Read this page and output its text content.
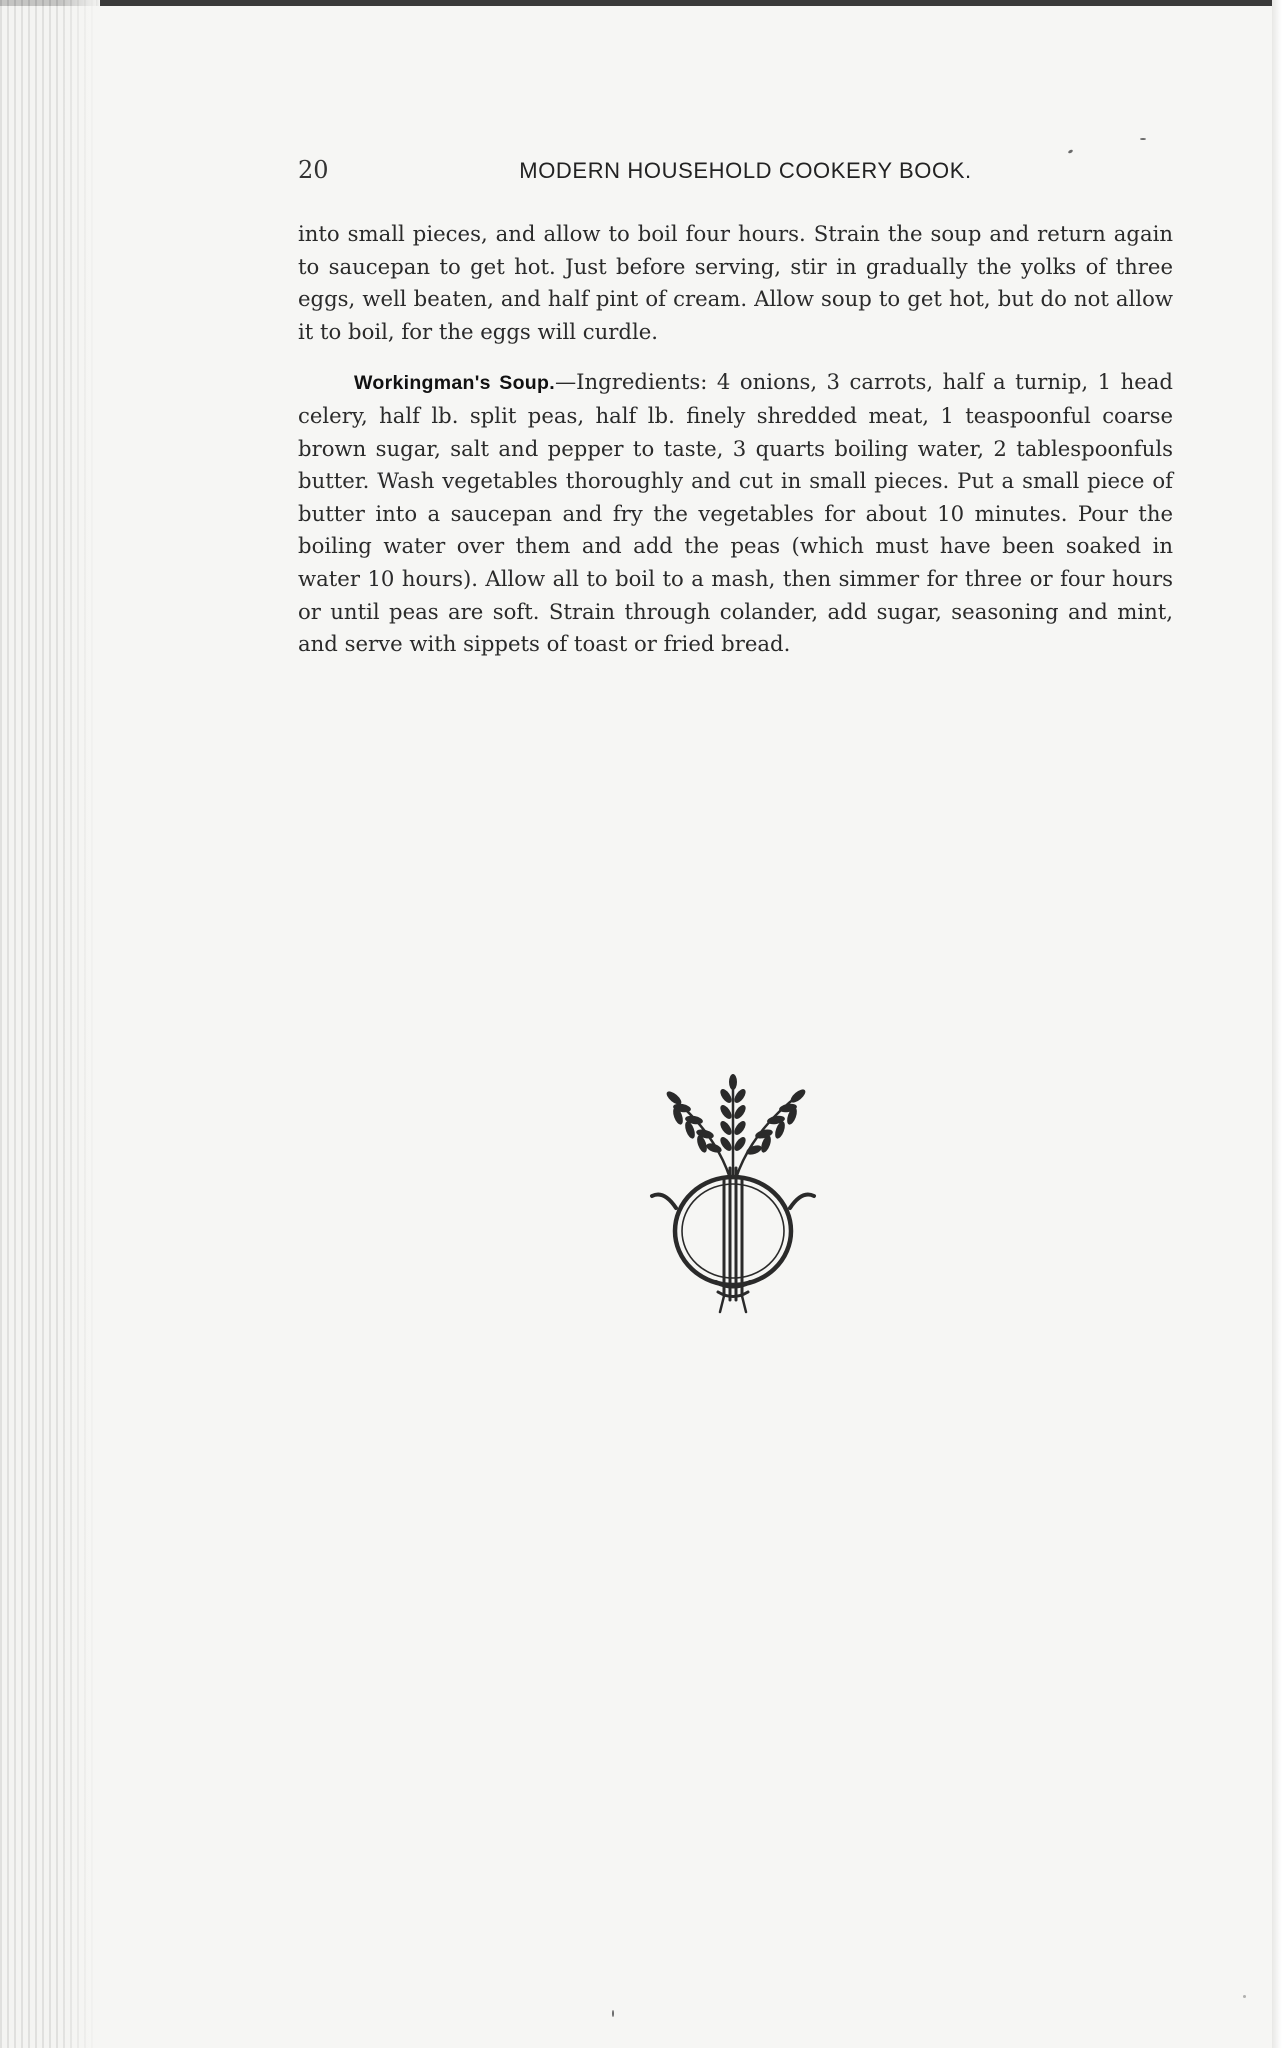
20	MODERN HOUSEHOLD COOKERY BOOK.

into small pieces, and allow to boil four hours. Strain the soup and return again to saucepan to get hot. Just before serving, stir in gradually the yolks of three eggs, well beaten, and half pint of cream. Allow soup to get hot, but do not allow it to boil, for the eggs will curdle.

Workingman's Soup.—Ingredients: 4 onions, 3 carrots, half a turnip, 1 head celery, half lb. split peas, half lb. finely shredded meat, 1 teaspoonful coarse brown sugar, salt and pepper to taste, 3 quarts boiling water, 2 tablespoonfuls butter. Wash vegetables thoroughly and cut in small pieces. Put a small piece of butter into a saucepan and fry the vegetables for about 10 minutes. Pour the boiling water over them and add the peas (which must have been soaked in water 10 hours). Allow all to boil to a mash, then simmer for three or four hours or until peas are soft. Strain through colander, add sugar, seasoning and mint, and serve with sippets of toast or fried bread.
